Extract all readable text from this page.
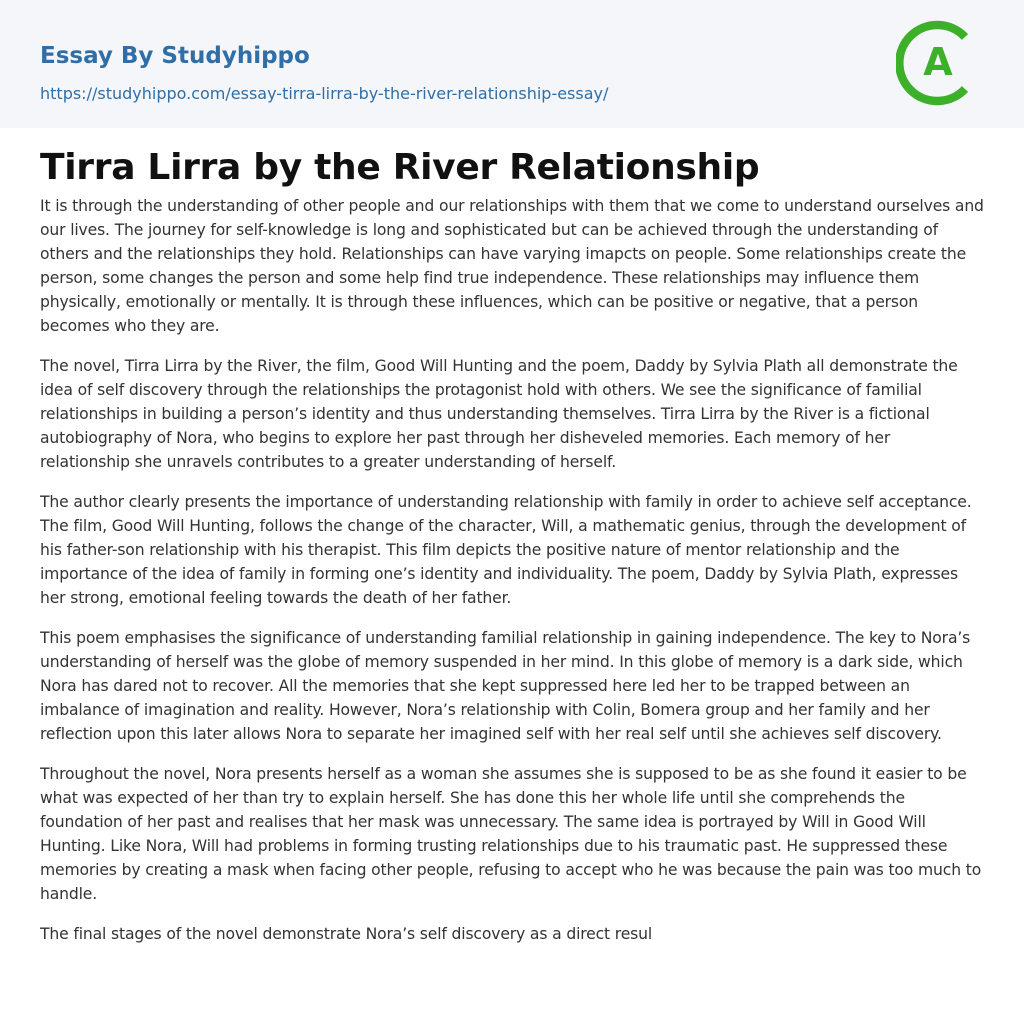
Essay By Studyhippo
https://studyhippo.com/essay-tirra-lirra-by-the-river-relationship-essay/
A
Tirra Lirra by the River Relationship

It is through the understanding of other people and our relationships with them that we come to understand ourselves and our lives. The journey for self-knowledge is long and sophisticated but can be achieved through the understanding of others and the relationships they hold. Relationships can have varying imapcts on people. Some relationships create the person, some changes the person and some help find true independence. These relationships may influence them physically, emotionally or mentally. It is through these influences, which can be positive or negative, that a person becomes who they are.

The novel, Tirra Lirra by the River, the film, Good Will Hunting and the poem, Daddy by Sylvia Plath all demonstrate the idea of self discovery through the relationships the protagonist hold with others. We see the significance of familial relationships in building a person’s identity and thus understanding themselves. Tirra Lirra by the River is a fictional autobiography of Nora, who begins to explore her past through her disheveled memories. Each memory of her relationship she unravels contributes to a greater understanding of herself.

The author clearly presents the importance of understanding relationship with family in order to achieve self acceptance. The film, Good Will Hunting, follows the change of the character, Will, a mathematic genius, through the development of his father-son relationship with his therapist. This film depicts the positive nature of mentor relationship and the importance of the idea of family in forming one’s identity and individuality. The poem, Daddy by Sylvia Plath, expresses her strong, emotional feeling towards the death of her father.

This poem emphasises the significance of understanding familial relationship in gaining independence. The key to Nora’s understanding of herself was the globe of memory suspended in her mind. In this globe of memory is a dark side, which Nora has dared not to recover. All the memories that she kept suppressed here led her to be trapped between an imbalance of imagination and reality. However, Nora’s relationship with Colin, Bomera group and her family and her reflection upon this later allows Nora to separate her imagined self with her real self until she achieves self discovery.

Throughout the novel, Nora presents herself as a woman she assumes she is supposed to be as she found it easier to be what was expected of her than try to explain herself. She has done this her whole life until she comprehends the foundation of her past and realises that her mask was unnecessary. The same idea is portrayed by Will in Good Will Hunting. Like Nora, Will had problems in forming trusting relationships due to his traumatic past. He suppressed these memories by creating a mask when facing other people, refusing to accept who he was because the pain was too much to handle.

The final stages of the novel demonstrate Nora’s self discovery as a direct resul
